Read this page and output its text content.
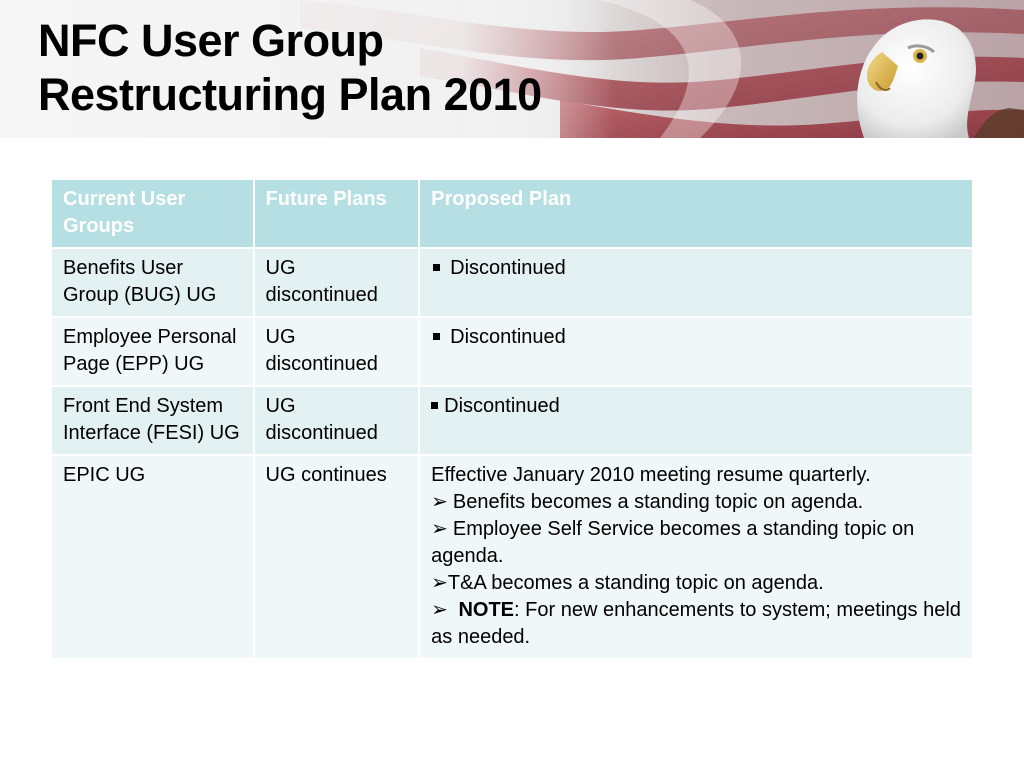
NFC User Group
Restructuring Plan 2010
Current User Groups	Future Plans	Proposed Plan
Benefits User Group (BUG) UG	UG discontinued	Discontinued
Employee Personal Page (EPP) UG	UG discontinued	Discontinued
Front End System Interface (FESI) UG	UG discontinued	Discontinued
EPIC UG	UG continues	Effective January 2010 meeting resume quarterly.
➢ Benefits becomes a standing topic on agenda.
➢ Employee Self Service becomes a standing topic on agenda.
➢T&A becomes a standing topic on agenda.
➢ NOTE: For new enhancements to system; meetings held as needed.
